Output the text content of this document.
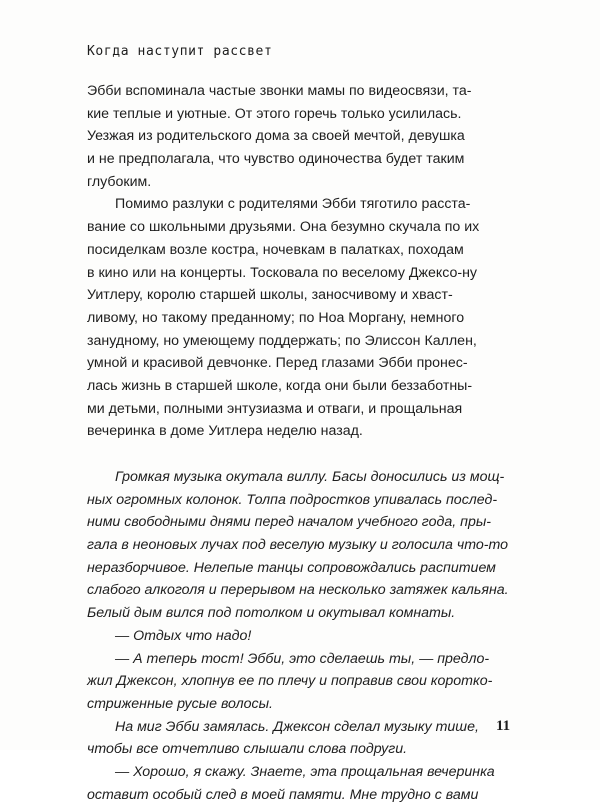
Когда наступит рассвет
Эбби вспоминала частые звонки мамы по видеосвязи, та-
кие теплые и уютные. От этого горечь только усилилась.
Уезжая из родительского дома за своей мечтой, девушка
и не предполагала, что чувство одиночества будет таким
глубоким.
Помимо разлуки с родителями Эбби тяготило расста-
вание со школьными друзьями. Она безумно скучала по их
посиделкам возле костра, ночевкам в палатках, походам
в кино или на концерты. Тосковала по веселому Джексо-ну
Уитлеру, королю старшей школы, заносчивому и хваст-
ливому, но такому преданному; по Ноа Моргану, немного
занудному, но умеющему поддержать; по Элиссон Каллен,
умной и красивой девчонке. Перед глазами Эбби пронес-
лась жизнь в старшей школе, когда они были беззаботны-
ми детьми, полными энтузиазма и отваги, и прощальная
вечеринка в доме Уитлера неделю назад.
Громкая музыка окутала виллу. Басы доносились из мощ-
ных огромных колонок. Толпа подростков упивалась послед-
ними свободными днями перед началом учебного года, пры-
гала в неоновых лучах под веселую музыку и голосила что-то
неразборчивое. Нелепые танцы сопровождались распитием
слабого алкоголя и перерывом на несколько затяжек кальяна.
Белый дым вился под потолком и окутывал комнаты.
— Отдых что надо!
— А теперь тост! Эбби, это сделаешь ты, — предло-
жил Джексон, хлопнув ее по плечу и поправив свои коротко-
стриженные русые волосы.
На миг Эбби замялась. Джексон сделал музыку тише,
чтобы все отчетливо слышали слова подруги.
— Хорошо, я скажу. Знаете, эта прощальная вечеринка
оставит особый след в моей памяти. Мне трудно с вами
11
